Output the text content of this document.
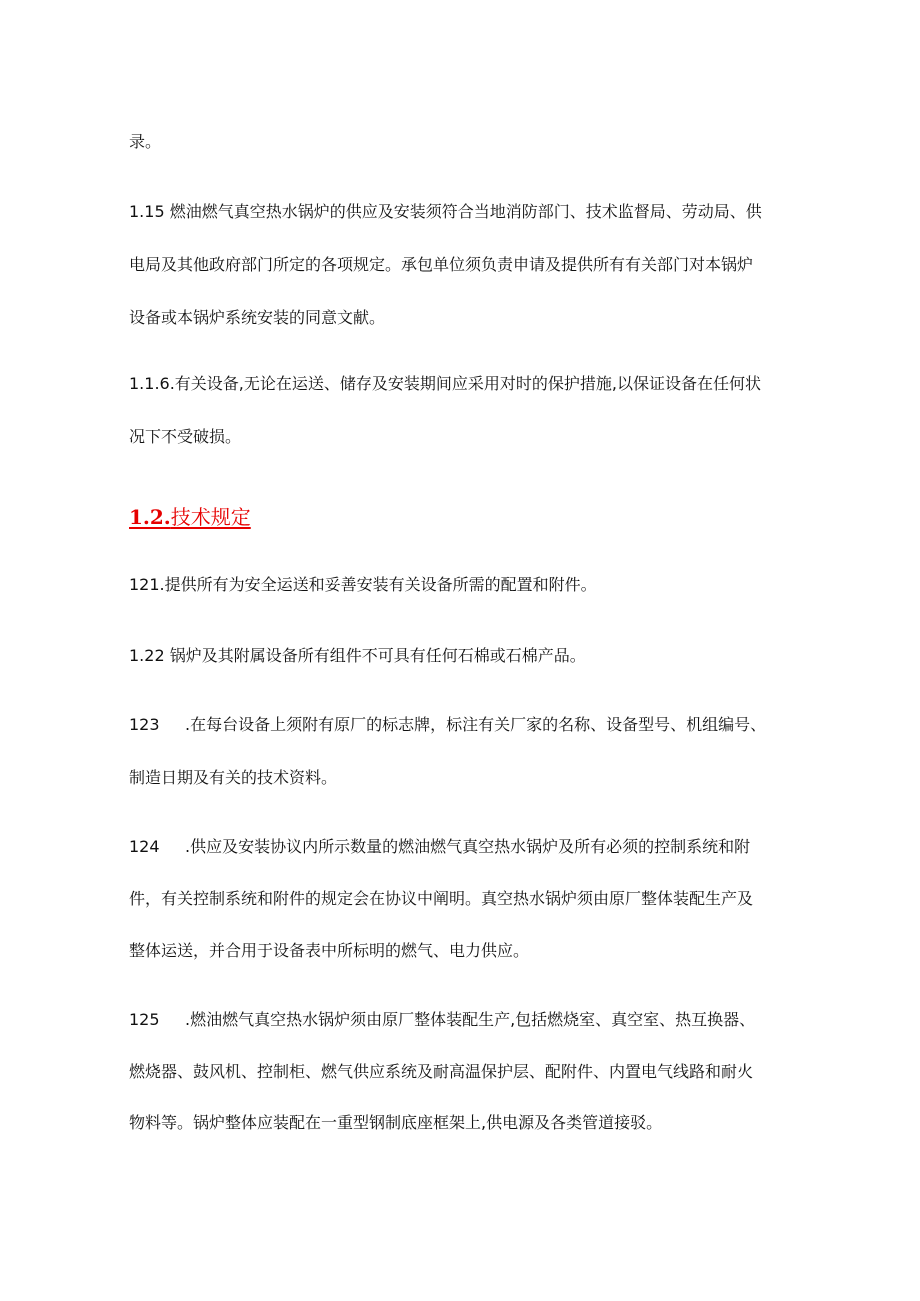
录。
1.15 燃油燃气真空热水锅炉的供应及安装须符合当地消防部门、技术监督局、劳动局、供
电局及其他政府部门所定的各项规定。承包单位须负责申请及提供所有有关部门对本锅炉
设备或本锅炉系统安装的同意文献。
1.1.6.有关设备,无论在运送、储存及安装期间应采用对时的保护措施,以保证设备在任何状
况下不受破损。
1.2.技术规定
121.提供所有为安全运送和妥善安装有关设备所需的配置和附件。
1.22 锅炉及其附属设备所有组件不可具有任何石棉或石棉产品。
123 .在每台设备上须附有原厂的标志牌，标注有关厂家的名称、设备型号、机组编号、
制造日期及有关的技术资料。
124 .供应及安装协议内所示数量的燃油燃气真空热水锅炉及所有必须的控制系统和附
件，有关控制系统和附件的规定会在协议中阐明。真空热水锅炉须由原厂整体装配生产及
整体运送，并合用于设备表中所标明的燃气、电力供应。
125 .燃油燃气真空热水锅炉须由原厂整体装配生产,包括燃烧室、真空室、热互换器、
燃烧器、鼓风机、控制柜、燃气供应系统及耐高温保护层、配附件、内置电气线路和耐火
物料等。锅炉整体应装配在一重型钢制底座框架上,供电源及各类管道接驳。
